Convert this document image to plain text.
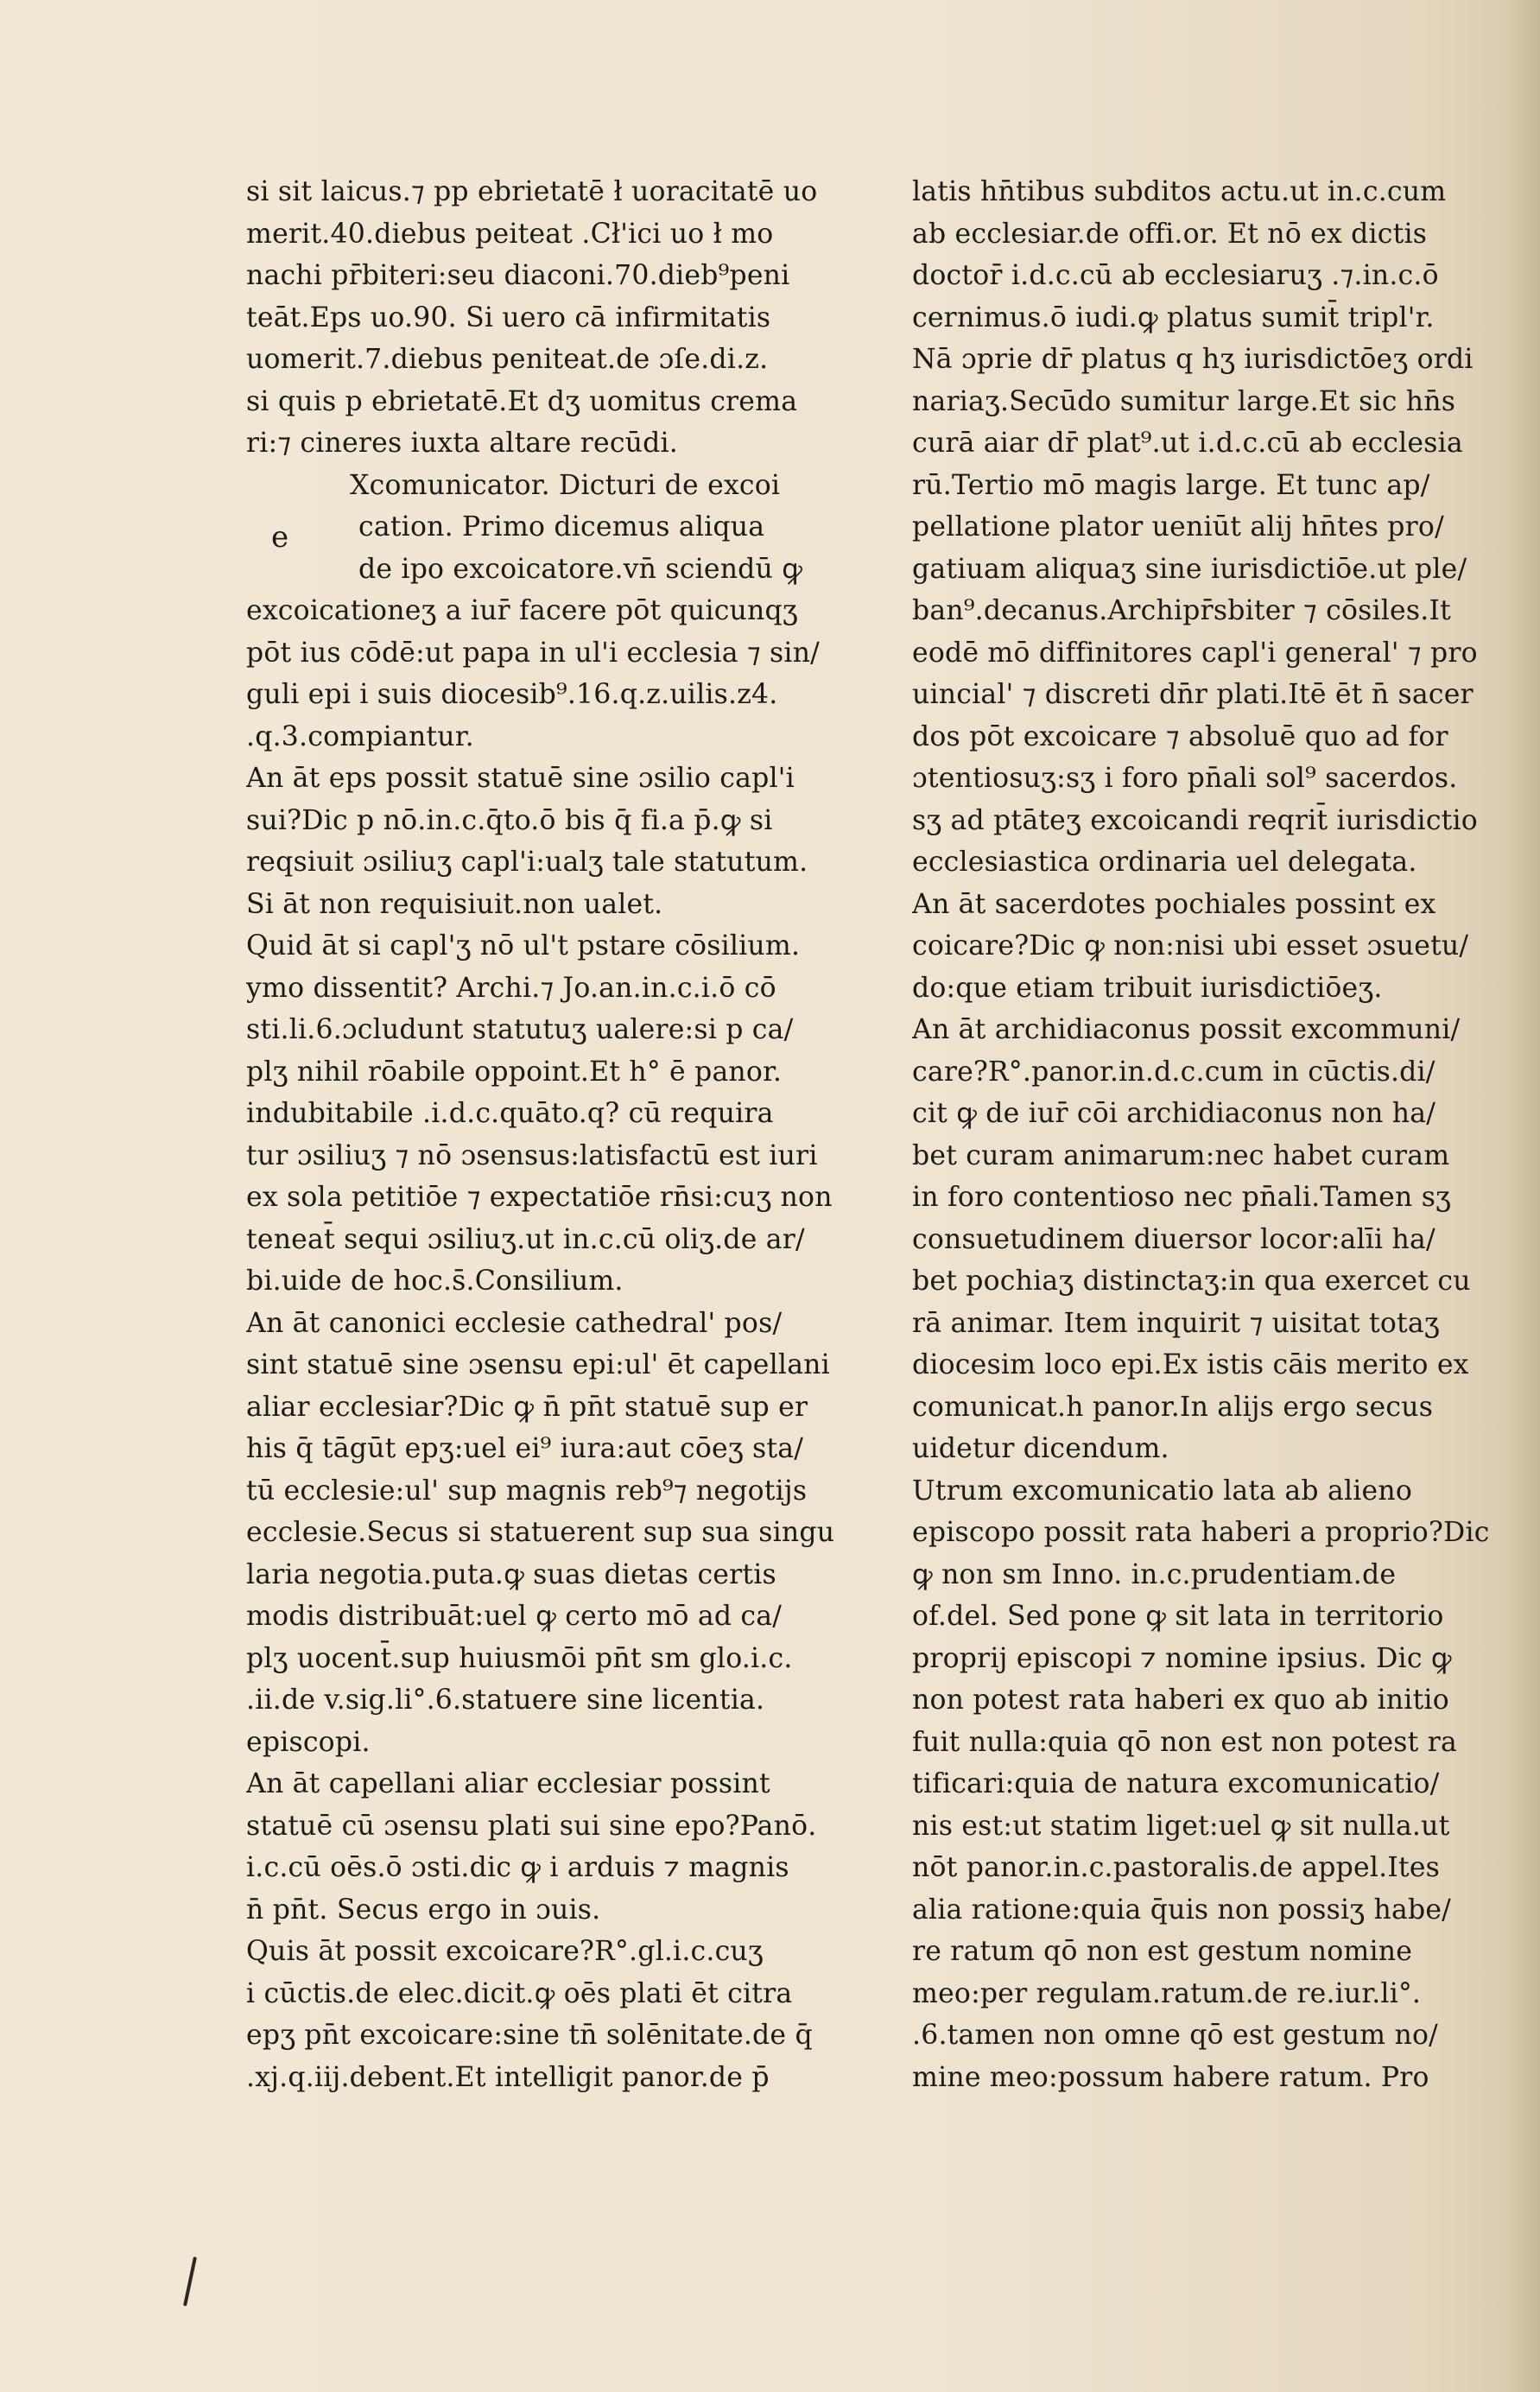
e
si sit laicus.⁊ pp ebrietatē ł uoracitatē uo
merit.40.diebus peiteat .Cł'ici uo ł mo
nachi pr̄biteri:seu diaconi.70.dieb⁹peni
teāt.Eps uo.90. Si uero cā infirmitatis
uomerit.7.diebus peniteat.de ɔſe.di.z.
si quis p ebrietatē.Et dʒ uomitus crema
ri:⁊ cineres iuxta altare recūdi.
Xcomunicator. Dicturi de excoi
cation. Primo dicemus aliqua
de ipo excoicatore.vn̄ sciendū ꝙ
excoicationeʒ a iur̄ facere pōt quicunqʒ
pōt ius cōdē:ut papa in ul'i ecclesia ⁊ sin/
guli epi i suis diocesib⁹.16.q.z.uilis.z4.
.q.3.compiantur.
An āt eps possit statuē sine ɔsilio capl'i
sui?Dic p nō.in.c.q̄to.ō bis q̄ fi.a p̄.ꝙ si
reqsiuit ɔsiliuʒ capl'i:ualʒ tale statutum.
Si āt non requisiuit.non ualet.
Quid āt si capl'ʒ nō ul't pstare cōsilium.
ymo dissentit? Archi.⁊ Jo.an.in.c.i.ō cō
sti.li.6.ɔcludunt statutuʒ ualere:si p ca/
plʒ nihil rōabile oppoint.Et h° ē panor.
indubitabile .i.d.c.quāto.q? cū requira
tur ɔsiliuʒ ⁊ nō ɔsensus:latisfactū est iuri
ex sola petitiōe ⁊ expectatiōe rn̄si:cuʒ non
teneat̄ sequi ɔsiliuʒ.ut in.c.cū oliʒ.de ar/
bi.uide de hoc.s̄.Consilium.
An āt canonici ecclesie cathedral' pos/
sint statuē sine ɔsensu epi:ul' ēt capellani
aliar ecclesiar?Dic ꝙ n̄ pn̄t statuē sup er
his q̄ tāgūt epʒ:uel ei⁹ iura:aut cōeʒ sta/
tū ecclesie:ul' sup magnis reb⁹⁊ negotijs
ecclesie.Secus si statuerent sup sua singu
laria negotia.puta.ꝙ suas dietas certis
modis distribuāt:uel ꝙ certo mō ad ca/
plʒ uocent̄.sup huiusmōi pn̄t sm glo.i.c.
.ii.de v.sig.li°.6.statuere sine licentia.
episcopi.
An āt capellani aliar ecclesiar possint
statuē cū ɔsensu plati sui sine epo?Panō.
i.c.cū oēs.ō ɔsti.dic ꝙ i arduis ⁊ magnis
n̄ pn̄t. Secus ergo in ɔuis.
Quis āt possit excoicare?R°.gl.i.c.cuʒ
i cūctis.de elec.dicit.ꝙ oēs plati ēt citra
epʒ pn̄t excoicare:sine tn̄ solēnitate.de q̄
.xj.q.iij.debent.Et intelligit panor.de p̄
latis hn̄tibus subditos actu.ut in.c.cum
ab ecclesiar.de offi.or. Et nō ex dictis
doctor̄ i.d.c.cū ab ecclesiaruʒ .⁊.in.c.ō
cernimus.ō iudi.ꝙ platus sumit̄ tripl'r.
Nā ɔprie dr̄ platus q hʒ iurisdictōeʒ ordi
nariaʒ.Secūdo sumitur large.Et sic hn̄s
curā aiar dr̄ plat⁹.ut i.d.c.cū ab ecclesia
rū.Tertio mō magis large. Et tunc ap/
pellatione plator ueniūt alij hn̄tes pro/
gatiuam aliquaʒ sine iurisdictiōe.ut ple/
ban⁹.decanus.Archipr̄sbiter ⁊ cōsiles.It
eodē mō diffinitores capl'i general' ⁊ pro
uincial' ⁊ discreti dn̄r plati.Itē ēt n̄ sacer
dos pōt excoicare ⁊ absoluē quo ad for
ɔtentiosuʒ:sʒ i foro pn̄ali sol⁹ sacerdos.
sʒ ad ptāteʒ excoicandi reqrit̄ iurisdictio
ecclesiastica ordinaria uel delegata.
An āt sacerdotes pochiales possint ex
coicare?Dic ꝙ non:nisi ubi esset ɔsuetu/
do:que etiam tribuit iurisdictiōeʒ.
An āt archidiaconus possit excommuni/
care?R°.panor.in.d.c.cum in cūctis.di/
cit ꝙ de iur̄ cōi archidiaconus non ha/
bet curam animarum:nec habet curam
in foro contentioso nec pn̄ali.Tamen sʒ
consuetudinem diuersor locor:alīi ha/
bet pochiaʒ distinctaʒ:in qua exercet cu
rā animar. Item inquirit ⁊ uisitat totaʒ
diocesim loco epi.Ex istis cāis merito ex
comunicat.h panor.In alijs ergo secus
uidetur dicendum.
Utrum excomunicatio lata ab alieno
episcopo possit rata haberi a proprio?Dic
ꝙ non sm Inno. in.c.prudentiam.de
of.del. Sed pone ꝙ sit lata in territorio
proprij episcopi ⁊ nomine ipsius. Dic ꝙ
non potest rata haberi ex quo ab initio
fuit nulla:quia qō non est non potest ra
tificari:quia de natura excomunicatio/
nis est:ut statim liget:uel ꝙ sit nulla.ut
nōt panor.in.c.pastoralis.de appel.Ites
alia ratione:quia q̄uis non possiʒ habe/
re ratum qō non est gestum nomine
meo:per regulam.ratum.de re.iur.li°.
.6.tamen non omne qō est gestum no/
mine meo:possum habere ratum. Pro
